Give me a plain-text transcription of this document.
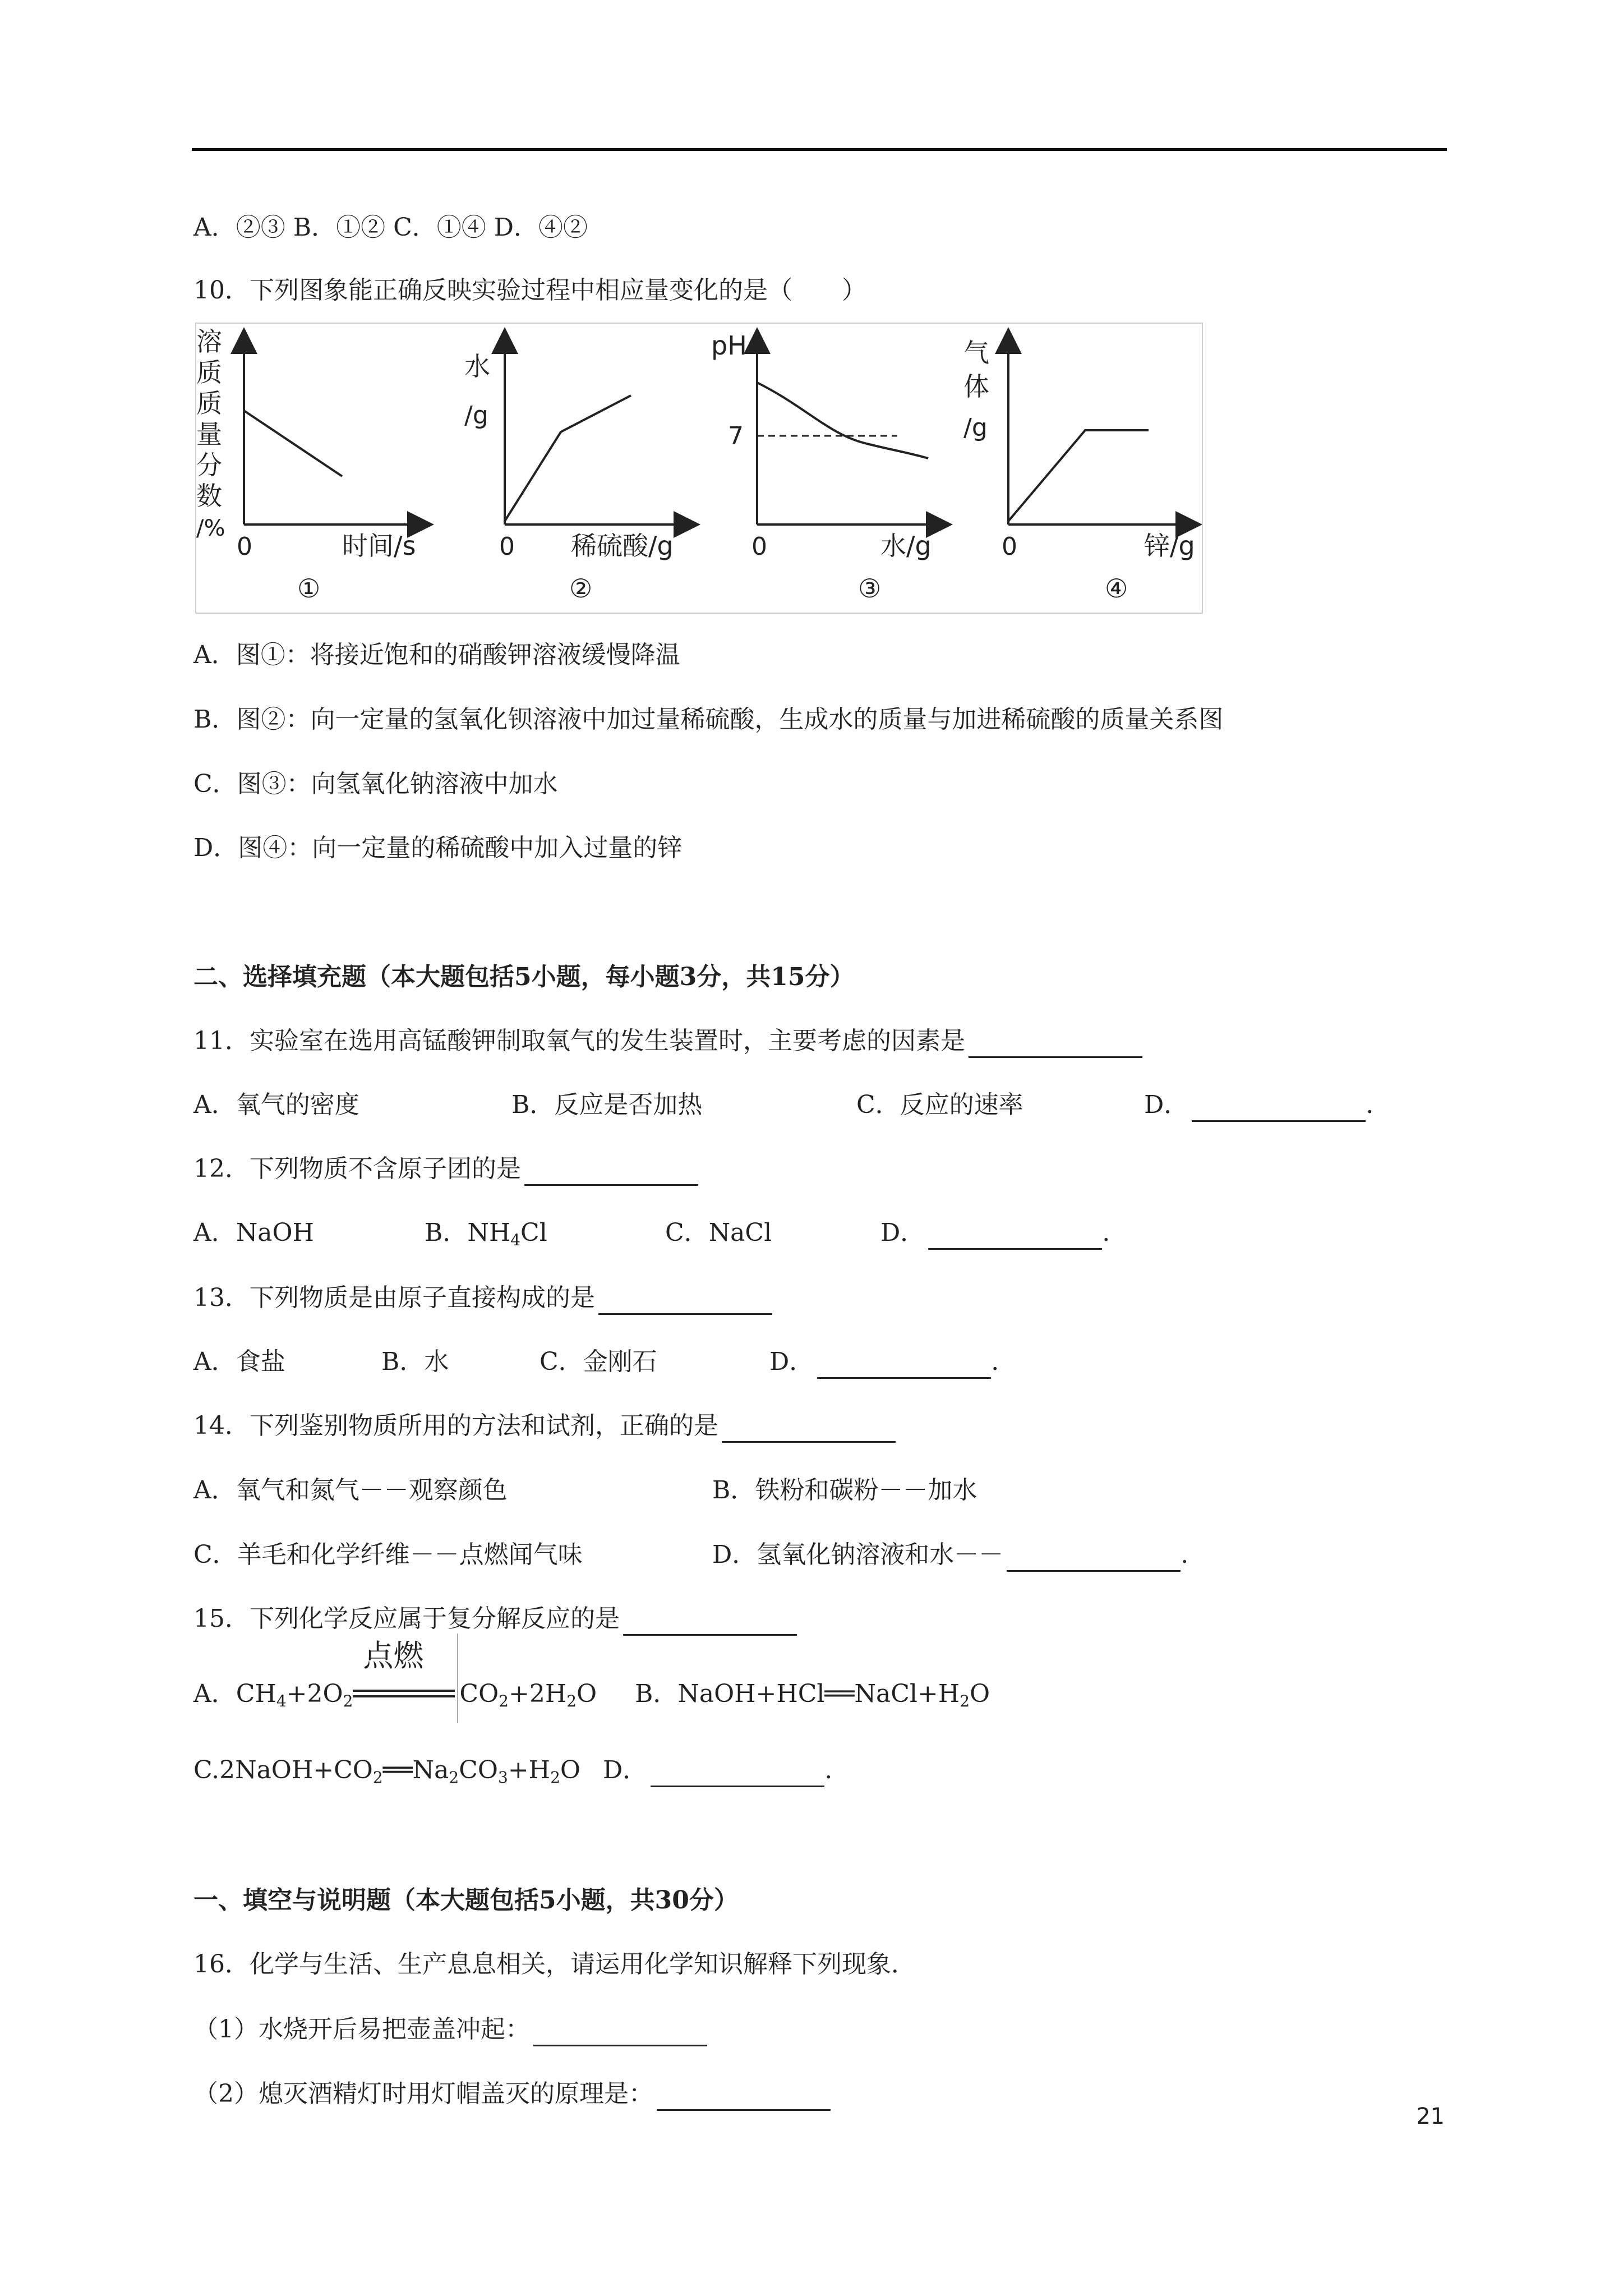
A．②③ B．①② C．①④ D．④②
10．下列图象能正确反映实验过程中相应量变化的是（　　）
溶
质
质
量
分
数
/%
0	时间/s
①
水
/g
0 稀硫酸/g
②
pH
7
0	水/g
③
气
体
/g
0	锌/g
④
A．图①：将接近饱和的硝酸钾溶液缓慢降温
B．图②：向一定量的氢氧化钡溶液中加过量稀硫酸，生成水的质量与加进稀硫酸的质量关系图
C．图③：向氢氧化钠溶液中加水
D．图④：向一定量的稀硫酸中加入过量的锌
二、选择填充题（本大题包括5小题，每小题3分，共15分）
11．实验室在选用高锰酸钾制取氧气的发生装置时，主要考虑的因素是
A．氧气的密度	B．反应是否加热	C．反应的速率	D．	.
12．下列物质不含原子团的是
A．NaOH	B．$NH_4Cl$	C．NaCl	D．	.
13．下列物质是由原子直接构成的是
A．食盐	B．水	C．金刚石	D．	.
14．下列鉴别物质所用的方法和试剂，正确的是
A．氧气和氮气－－观察颜色	B．铁粉和碳粉－－加水
C．羊毛和化学纤维－－点燃闻气味	D．氢氧化钠溶液和水－－	.
15．下列化学反应属于复分解反应的是
A．$CH_4+2O_2$
点燃
$CO_2+2H_2O$ B．$NaOH+HCl══NaCl+H_2O$
$C.2NaOH+CO_2══Na_2CO_3+H_2O$ D．	.
一、填空与说明题（本大题包括5小题，共30分）
16．化学与生活、生产息息相关，请运用化学知识解释下列现象．
（1）水烧开后易把壶盖冲起：
（2）熄灭酒精灯时用灯帽盖灭的原理是：
21
